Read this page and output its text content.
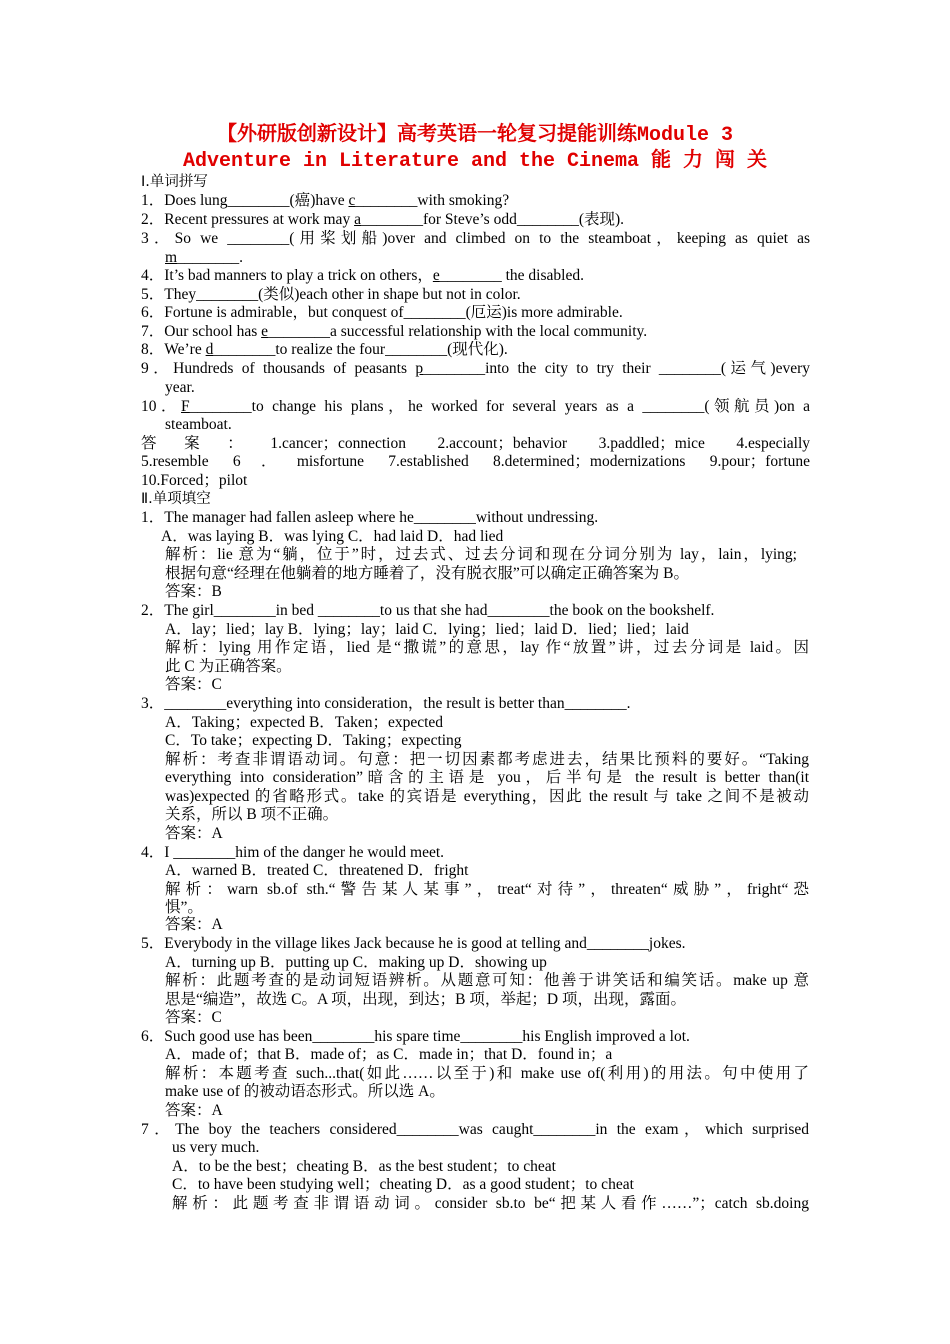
【外研版创新设计】高考英语一轮复习提能训练Module 3
Adventure in Literature and the Cinema 能 力 闯 关
Ⅰ.单词拼写
1．Does lung________(癌)have c________with smoking?
2．Recent pressures at work may a________for Steve’s odd________(表现).
3．So we ________(用桨划船)over and climbed on to the steamboat，keeping as quiet as
m________.
4．It’s bad manners to play a trick on others，e________ the disabled.
5．They________(类似)each other in shape but not in color.
6．Fortune is admirable，but conquest of________(厄运)is more admirable.
7．Our school has e________a successful relationship with the local community.
8．We’re d________to realize the four________(现代化).
9．Hundreds of thousands of peasants p________into the city to try their ________(运气)every
year.
10．F________to change his plans，he worked for several years as a ________(领航员)on a
steamboat.
答案：1.cancer；connection 2.account；behavior 3.paddled；mice 4.especially
5.resemble 6．misfortune 7.established 8.determined；modernizations 9.pour；fortune
10.Forced；pilot
Ⅱ.单项填空
1．The manager had fallen asleep where he________without undressing.
A．was laying B．was lying C．had laid D．had lied
解析：lie 意为“躺，位于”时，过去式、过去分词和现在分词分别为 lay，lain，lying;
根据句意“经理在他躺着的地方睡着了，没有脱衣服”可以确定正确答案为 B。
答案：B
2．The girl________in bed ________to us that she had________the book on the bookshelf.
A．lay；lied；lay B．lying；lay；laid C．lying；lied；laid D．lied；lied；laid
解析：lying 用作定语，lied 是“撒谎”的意思，lay 作“放置”讲，过去分词是 laid。因
此 C 为正确答案。
答案：C
3．________everything into consideration，the result is better than________.
A．Taking；expected B．Taken；expected
C．To take；expecting D．Taking；expecting
解析：考查非谓语动词。句意：把一切因素都考虑进去，结果比预料的要好。“Taking
everything into consideration”暗含的主语是 you，后半句是 the result is better than(it
was)expected 的省略形式。take 的宾语是 everything，因此 the result 与 take 之间不是被动
关系，所以 B 项不正确。
答案：A
4．I ________him of the danger he would meet.
A．warned B．treated C．threatened D．fright
解析：warn sb.of sth.“警告某人某事”，treat“对待”，threaten“威胁”，fright“恐
惧”。
答案：A
5．Everybody in the village likes Jack because he is good at telling and________jokes.
A．turning up B．putting up C．making up D．showing up
解析：此题考查的是动词短语辨析。从题意可知：他善于讲笑话和编笑话。make up 意
思是“编造”，故选 C。A 项，出现，到达；B 项，举起；D 项，出现，露面。
答案：C
6．Such good use has been________his spare time________his English improved a lot.
A．made of；that B．made of；as C．made in；that D．found in；a
解析：本题考查 such...that(如此……以至于)和 make use of(利用)的用法。句中使用了
make use of 的被动语态形式。所以选 A。
答案：A
7．The boy the teachers considered________was caught________in the exam，which surprised
us very much.
A．to be the best；cheating B．as the best student；to cheat
C．to have been studying well；cheating D．as a good student；to cheat
解析：此题考查非谓语动词。consider sb.to be“把某人看作……”；catch sb.doing
